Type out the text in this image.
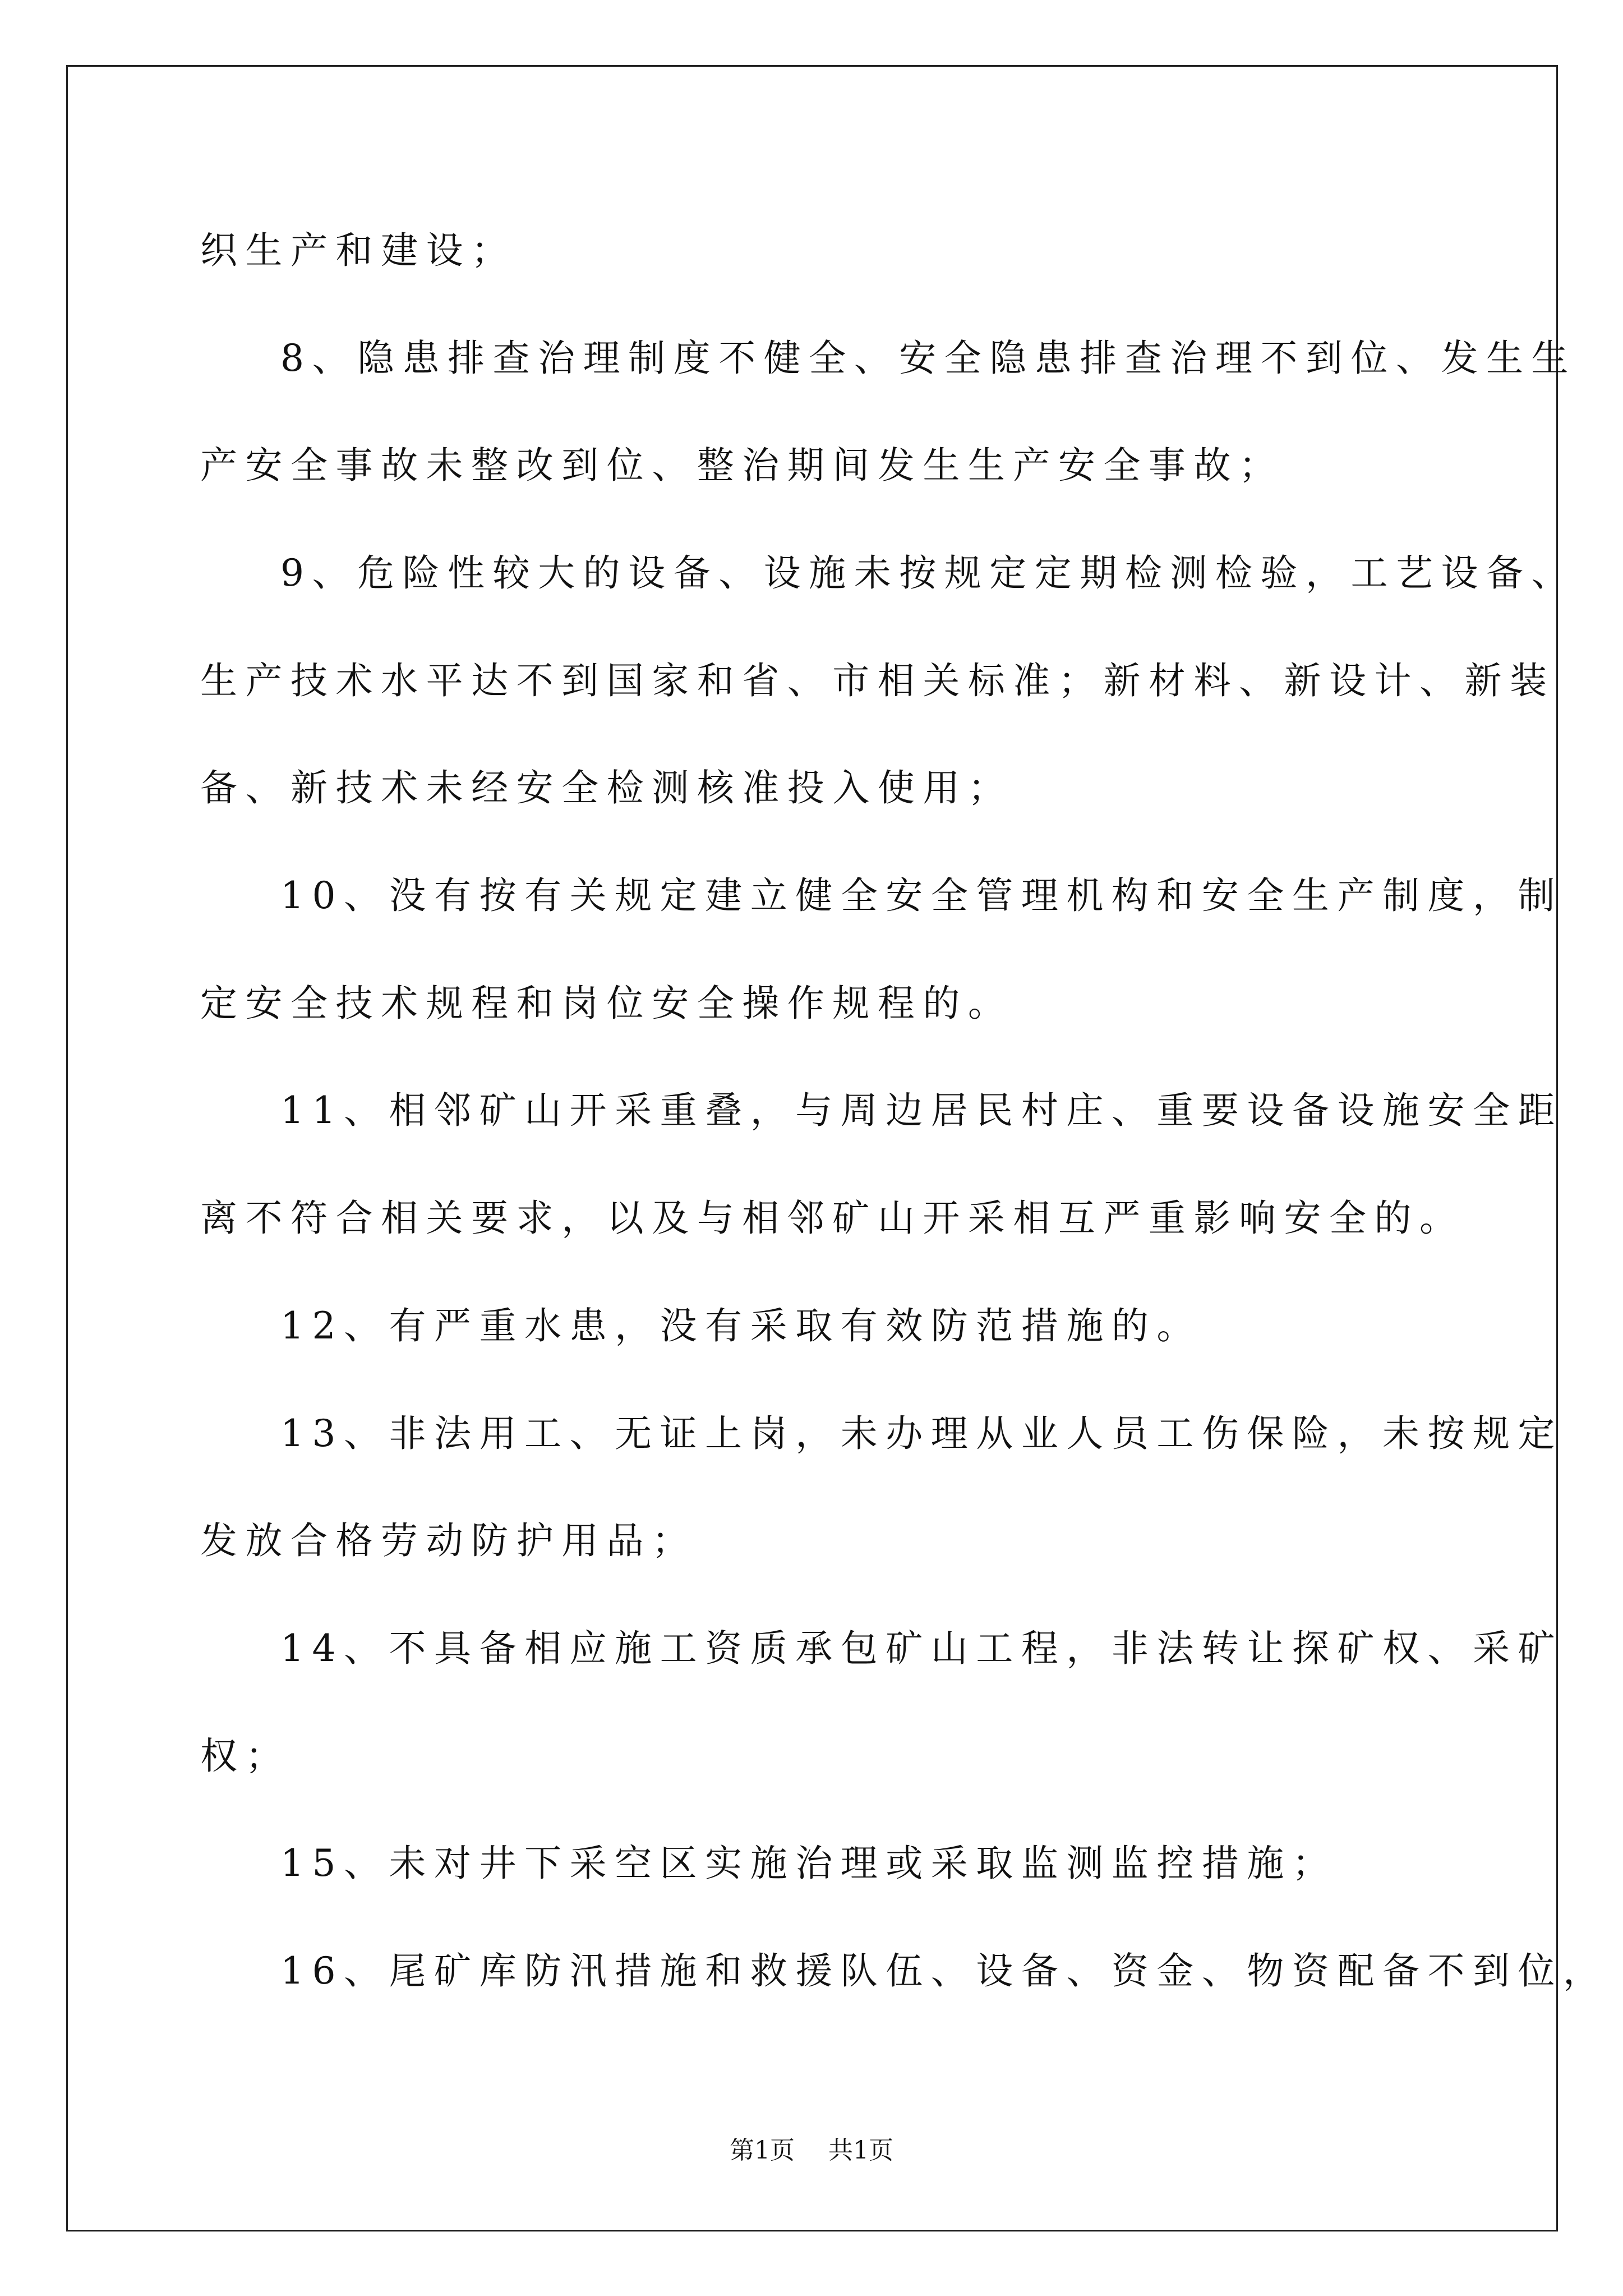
织生产和建设；
8、隐患排查治理制度不健全、安全隐患排查治理不到位、发生生
产安全事故未整改到位、整治期间发生生产安全事故；
9、危险性较大的设备、设施未按规定定期检测检验，工艺设备、
生产技术水平达不到国家和省、市相关标准；新材料、新设计、新装
备、新技术未经安全检测核准投入使用；
10、没有按有关规定建立健全安全管理机构和安全生产制度，制
定安全技术规程和岗位安全操作规程的。
11、相邻矿山开采重叠，与周边居民村庄、重要设备设施安全距
离不符合相关要求，以及与相邻矿山开采相互严重影响安全的。
12、有严重水患，没有采取有效防范措施的。
13、非法用工、无证上岗，未办理从业人员工伤保险，未按规定
发放合格劳动防护用品；
14、不具备相应施工资质承包矿山工程，非法转让探矿权、采矿
权；
15、未对井下采空区实施治理或采取监测监控措施；
16、尾矿库防汛措施和救援队伍、设备、资金、物资配备不到位，
第1页 共1页
